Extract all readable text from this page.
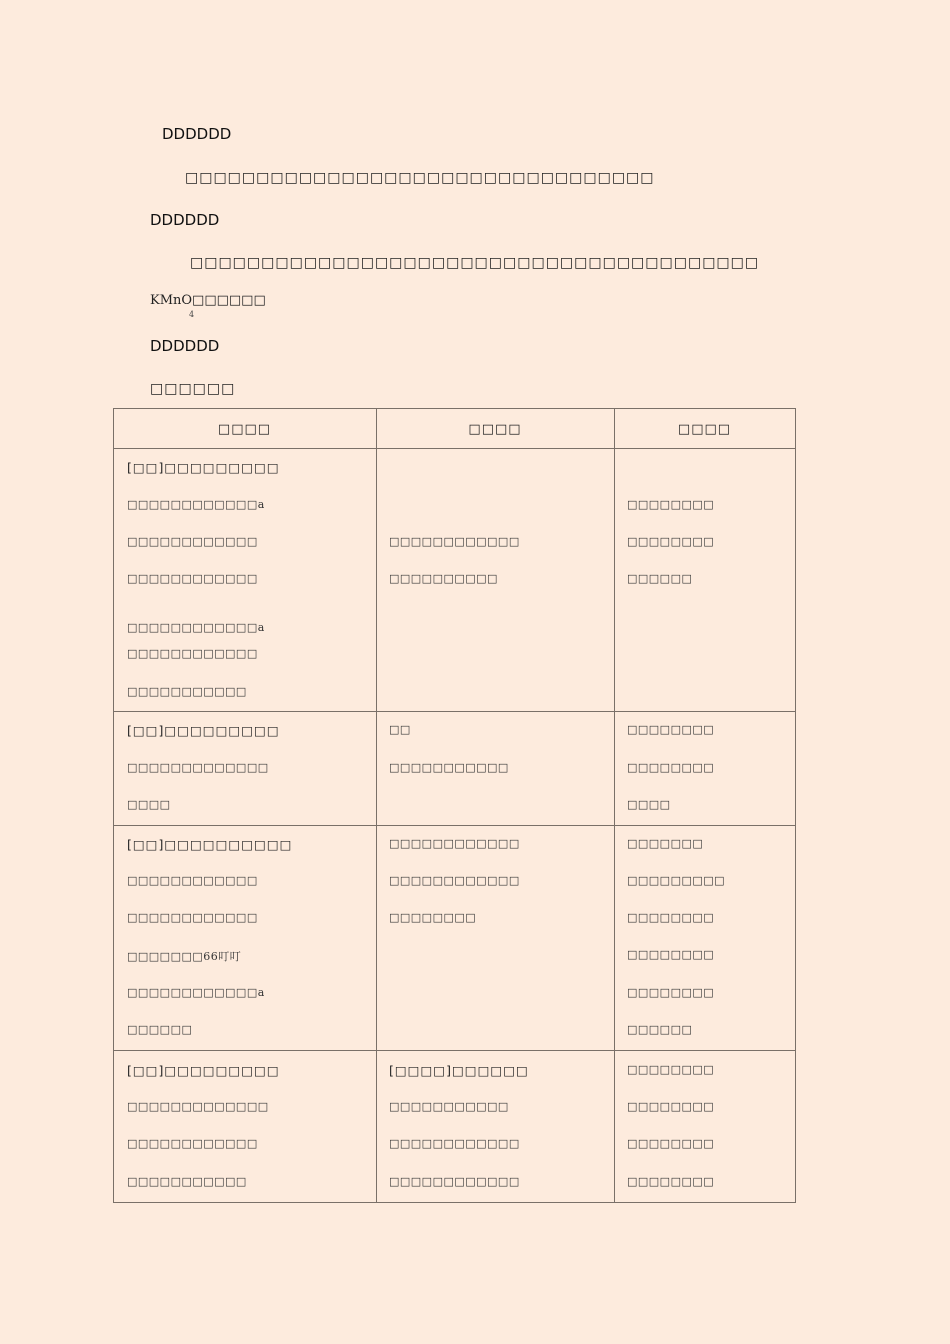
DDDDDD
□□□□□□□□□□□□□□□□□□□□□□□□□□□□□□□□□
DDDDDD
□□□□□□□□□□□□□□□□□□□□□□□□□□□□□□□□□□□□□□□□
KMnO□□□□□□
4
DDDDDD
□□□□□□
□□□□	□□□□	□□□□
[□□]□□□□□□□□□
□□□□□□□□□□□□a
□□□□□□□□□□□□
□□□□□□□□□□□□
□□□□□□□□□□□□a
□□□□□□□□□□□□
□□□□□□□□□□□
□□□□□□□□□□□□
□□□□□□□□□□
□□□□□□□□
□□□□□□□□
□□□□□□
[□□]□□□□□□□□□
□□□□□□□□□□□□□
□□□□
□□
□□□□□□□□□□□
□□□□□□□□
□□□□□□□□
□□□□
[□□]□□□□□□□□□□
□□□□□□□□□□□□
□□□□□□□□□□□□
□□□□□□□66叮叮
□□□□□□□□□□□□a
□□□□□□
□□□□□□□□□□□□
□□□□□□□□□□□□
□□□□□□□□
□□□□□□□
□□□□□□□□□
□□□□□□□□
□□□□□□□□
□□□□□□□□
□□□□□□
[□□]□□□□□□□□□
□□□□□□□□□□□□□
□□□□□□□□□□□□
□□□□□□□□□□□
[□□□□]□□□□□□
□□□□□□□□□□□
□□□□□□□□□□□□
□□□□□□□□□□□□
□□□□□□□□
□□□□□□□□
□□□□□□□□
□□□□□□□□
